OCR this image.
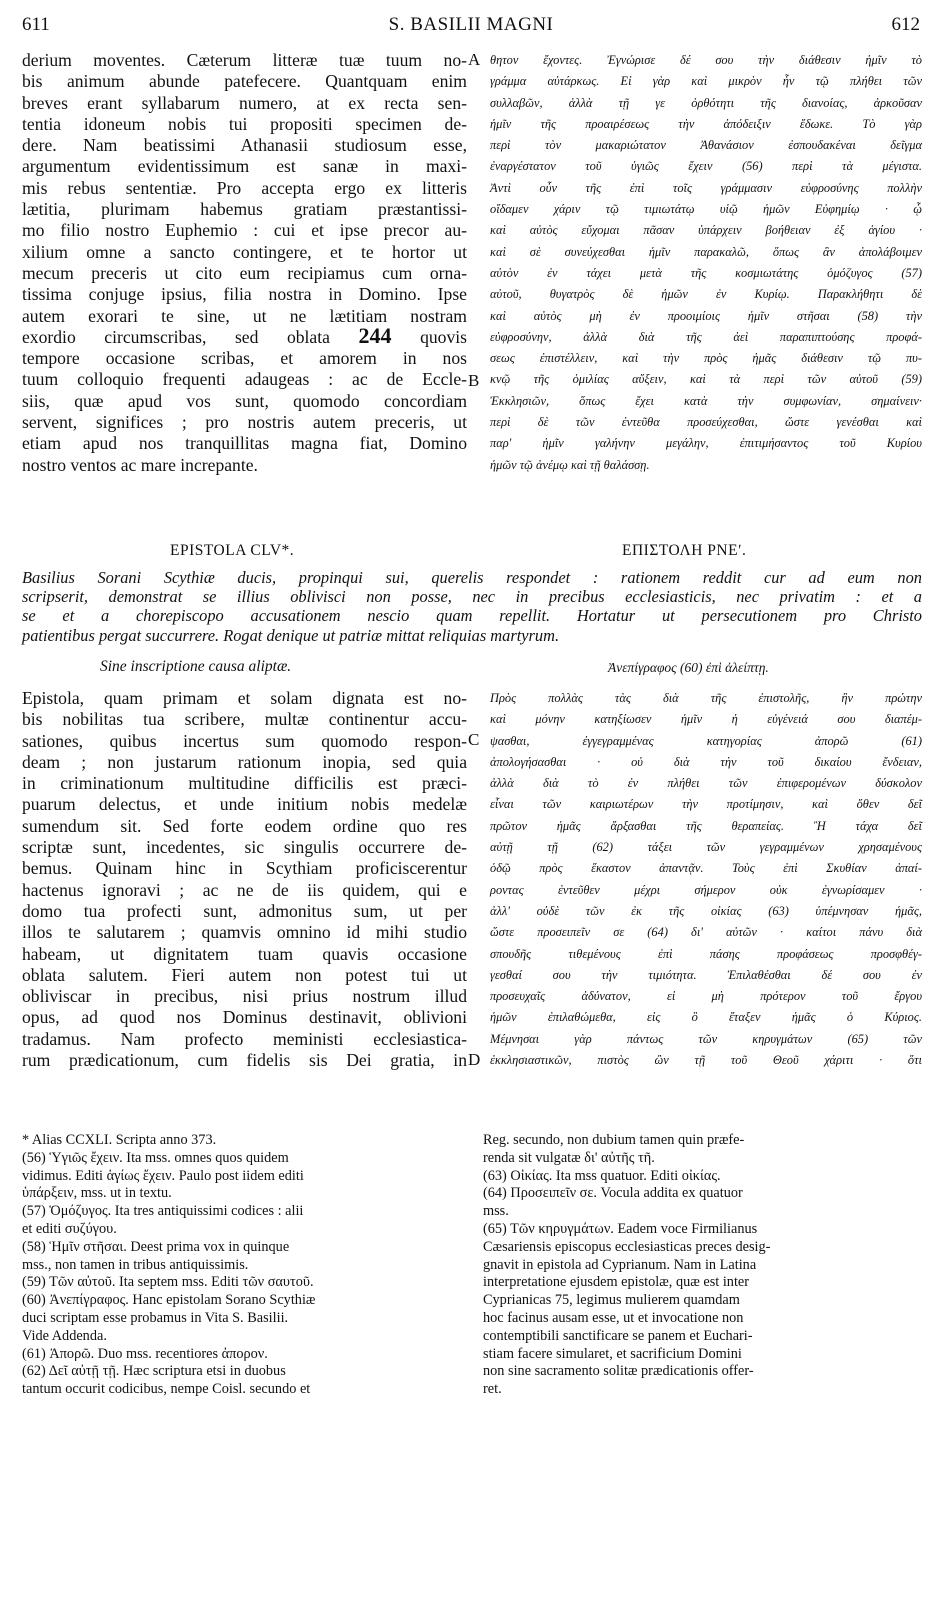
611	S. BASILII MAGNI	612
derium moventes. Cæterum litteræ tuæ tuum no-
bis animum abunde patefecere. Quantquam enim
breves erant syllabarum numero, at ex recta sen-
tentia idoneum nobis tui propositi specimen de-
dere. Nam beatissimi Athanasii studiosum esse,
argumentum evidentissimum est sanæ in maxi-
mis rebus sententiæ. Pro accepta ergo ex litteris
lætitia, plurimam habemus gratiam præstantissi-
mo filio nostro Euphemio : cui et ipse precor au-
xilium omne a sancto contingere, et te hortor ut
mecum preceris ut cito eum recipiamus cum orna-
tissima conjuge ipsius, filia nostra in Domino. Ipse
autem exorari te sine, ut ne lætitiam nostram
exordio circumscribas, sed oblata 244 quovis
tempore occasione scribas, et amorem in nos
tuum colloquio frequenti adaugeas : ac de Eccle-
siis, quæ apud vos sunt, quomodo concordiam
servent, significes ; pro nostris autem preceris, ut
etiam apud nos tranquillitas magna fiat, Domino
nostro ventos ac mare increpante.
θητον ἔχοντες. Ἐγνώρισε δέ σου τὴν διάθεσιν ἡμῖν τὸ
γράμμα αὐτάρκως. Εἰ γὰρ καὶ μικρὸν ἦν τῷ πλήθει τῶν
συλλαβῶν, ἀλλὰ τῇ γε ὀρθότητι τῆς διανοίας, ἀρκοῦσαν
ἡμῖν τῆς προαιρέσεως τὴν ἀπόδειξιν ἔδωκε. Τὸ γὰρ
περὶ τὸν μακαριώτατον Ἀθανάσιον ἐσπουδακέναι δεῖγμα
ἐναργέστατον τοῦ ὑγιῶς ἔχειν (56) περὶ τὰ μέγιστα.
Ἀντὶ οὖν τῆς ἐπὶ τοῖς γράμμασιν εὐφροσύνης πολλὴν
οἴδαμεν χάριν τῷ τιμιωτάτῳ υἱῷ ἡμῶν Εὐφημίῳ · ᾧ
καὶ αὐτὸς εὔχομαι πᾶσαν ὑπάρχειν βοήθειαν ἐξ ἁγίου ·
καὶ σὲ συνεύχεσθαι ἡμῖν παρακαλῶ, ὅπως ἂν ἀπολάβοιμεν
αὐτὸν ἐν τάχει μετὰ τῆς κοσμιωτάτης ὁμόζυγος (57)
αὐτοῦ, θυγατρὸς δὲ ἡμῶν ἐν Κυρίῳ. Παρακλήθητι δὲ
καὶ αὐτὸς μὴ ἐν προοιμίοις ἡμῖν στῆσαι (58) τὴν
εὐφροσύνην, ἀλλὰ διὰ τῆς ἀεὶ παραπιπτούσης προφά-
σεως ἐπιστέλλειν, καὶ τὴν πρὸς ἡμᾶς διάθεσιν τῷ πυ-
κνῷ τῆς ὁμιλίας αὔξειν, καὶ τὰ περὶ τῶν αὐτοῦ (59)
Ἐκκλησιῶν, ὅπως ἔχει κατὰ τὴν συμφωνίαν, σημαίνειν·
περὶ δὲ τῶν ἐντεῦθα προσεύχεσθαι, ὥστε γενέσθαι καὶ
παρ' ἡμῖν γαλήνην μεγάλην, ἐπιτιμήσαντος τοῦ Κυρίου
ἡμῶν τῷ ἀνέμῳ καὶ τῇ θαλάσσῃ.
A
B
EPISTOLA CLV*.	ΕΠΙΣΤΟΛΗ ΡΝΕʹ.
Basilius Sorani Scythiæ ducis, propinqui sui, querelis respondet : rationem reddit cur ad eum non
scripserit, demonstrat se illius oblivisci non posse, nec in precibus ecclesiasticis, nec privatim : et a
se et a chorepiscopo accusationem nescio quam repellit. Hortatur ut persecutionem pro Christo
patientibus pergat succurrere. Rogat denique ut patriæ mittat reliquias martyrum.
Sine inscriptione causa aliptæ.	Ἀνεπίγραφος (60) ἐπὶ ἀλείπτῃ.
Epistola, quam primam et solam dignata est no-
bis nobilitas tua scribere, multæ continentur accu-
sationes, quibus incertus sum quomodo respon-
deam ; non justarum rationum inopia, sed quia
in criminationum multitudine difficilis est præci-
puarum delectus, et unde initium nobis medelæ
sumendum sit. Sed forte eodem ordine quo res
scriptæ sunt, incedentes, sic singulis occurrere de-
bemus. Quinam hinc in Scythiam proficiscerentur
hactenus ignoravi ; ac ne de iis quidem, qui e
domo tua profecti sunt, admonitus sum, ut per
illos te salutarem ; quamvis omnino id mihi studio
habeam, ut dignitatem tuam quavis occasione
oblata salutem. Fieri autem non potest tui ut
obliviscar in precibus, nisi prius nostrum illud
opus, ad quod nos Dominus destinavit, oblivioni
tradamus. Nam profecto meministi ecclesiastica-
rum prædicationum, cum fidelis sis Dei gratia, in
Πρὸς πολλὰς τὰς διὰ τῆς ἐπιστολῆς, ἣν πρώτην
καὶ μόνην κατηξίωσεν ἡμῖν ἡ εὐγένειά σου διαπέμ-
ψασθαι, ἐγγεγραμμένας κατηγορίας ἀπορῶ (61)
ἀπολογήσασθαι · οὐ διὰ τὴν τοῦ δικαίου ἔνδειαν,
ἀλλὰ διὰ τὸ ἐν πλήθει τῶν ἐπιφερομένων δύσκολον
εἶναι τῶν καιριωτέρων τὴν προτίμησιν, καὶ ὅθεν δεῖ
πρῶτον ἡμᾶς ἄρξασθαι τῆς θεραπείας. Ἢ τάχα δεῖ
αὐτῇ τῇ (62) τάξει τῶν γεγραμμένων χρησαμένους
ὁδῷ πρὸς ἕκαστον ἀπαντᾷν. Τοὺς ἐπὶ Σκυθίαν ἀπαί-
ροντας ἐντεῦθεν μέχρι σήμερον οὐκ ἐγνωρίσαμεν ·
ἀλλ' οὐδὲ τῶν ἐκ τῆς οἰκίας (63) ὑπέμνησαν ἡμᾶς,
ὥστε προσειπεῖν σε (64) δι' αὐτῶν · καίτοι πάνυ διὰ
σπουδῆς τιθεμένους ἐπὶ πάσης προφάσεως προσφθέγ-
γεσθαί σου τὴν τιμιότητα. Ἐπιλαθέσθαι δέ σου ἐν
προσευχαῖς ἀδύνατον, εἰ μὴ πρότερον τοῦ ἔργου
ἡμῶν ἐπιλαθώμεθα, εἰς ὃ ἔταξεν ἡμᾶς ὁ Κύριος.
Μέμνησαι γὰρ πάντως τῶν κηρυγμάτων (65) τῶν
ἐκκλησιαστικῶν, πιστὸς ὢν τῇ τοῦ Θεοῦ χάριτι · ὅτι
C
D
* Alias CCXLI. Scripta anno 373.
(56) Ὑγιῶς ἔχειν. Ita mss. omnes quos quidem
vidimus. Editi ἁγίως ἔχειν. Paulo post iidem editi
ὑπάρξειν, mss. ut in textu.
(57) Ὁμόζυγος. Ita tres antiquissimi codices : alii
et editi συζύγου.
(58) Ἡμῖν στῆσαι. Deest prima vox in quinque
mss., non tamen in tribus antiquissimis.
(59) Τῶν αὐτοῦ. Ita septem mss. Editi τῶν σαυτοῦ.
(60) Ἀνεπίγραφος. Hanc epistolam Sorano Scythiæ
duci scriptam esse probamus in Vita S. Basilii.
Vide Addenda.
(61) Ἀπορῶ. Duo mss. recentiores ἀπορον.
(62) Δεῖ αὐτῇ τῇ. Hæc scriptura etsi in duobus
tantum occurit codicibus, nempe Coisl. secundo et
Reg. secundo, non dubium tamen quin præfe-
renda sit vulgatæ δι' αὐτῆς τῆ.
(63) Οἰκίας. Ita mss quatuor. Editi οἰκίας.
(64) Προσειπεῖν σε. Vocula addita ex quatuor
mss.
(65) Τῶν κηρυγμάτων. Eadem voce Firmilianus
Cæsariensis episcopus ecclesiasticas preces desig-
gnavit in epistola ad Cyprianum. Nam in Latina
interpretatione ejusdem epistolæ, quæ est inter
Cyprianicas 75, legimus mulierem quamdam
hoc facinus ausam esse, ut et invocatione non
contemptibili sanctificare se panem et Euchari-
stiam facere simularet, et sacrificium Domini
non sine sacramento solitæ prædicationis offer-
ret.
